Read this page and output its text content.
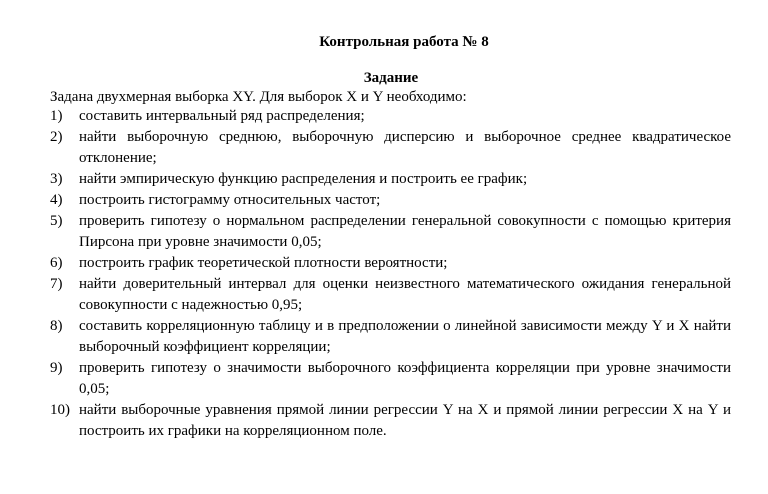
Контрольная работа № 8
Задание
Задана двухмерная выборка XY. Для выборок X и Y необходимо:
1) составить интервальный ряд распределения;
2) найти выборочную среднюю, выборочную дисперсию и выборочное среднее квадратическое отклонение;
3) найти эмпирическую функцию распределения и построить ее график;
4) построить гистограмму относительных частот;
5) проверить гипотезу о нормальном распределении генеральной совокупности с помощью критерия Пирсона при уровне значимости 0,05;
6) построить график теоретической плотности вероятности;
7) найти доверительный интервал для оценки неизвестного математического ожидания генеральной совокупности с надежностью 0,95;
8) составить корреляционную таблицу и в предположении о линейной зависимости между Y и X найти выборочный коэффициент корреляции;
9) проверить гипотезу о значимости выборочного коэффициента корреляции при уровне значимости 0,05;
10) найти выборочные уравнения прямой линии регрессии Y на X и прямой линии регрессии X на Y и построить их графики на корреляционном поле.
